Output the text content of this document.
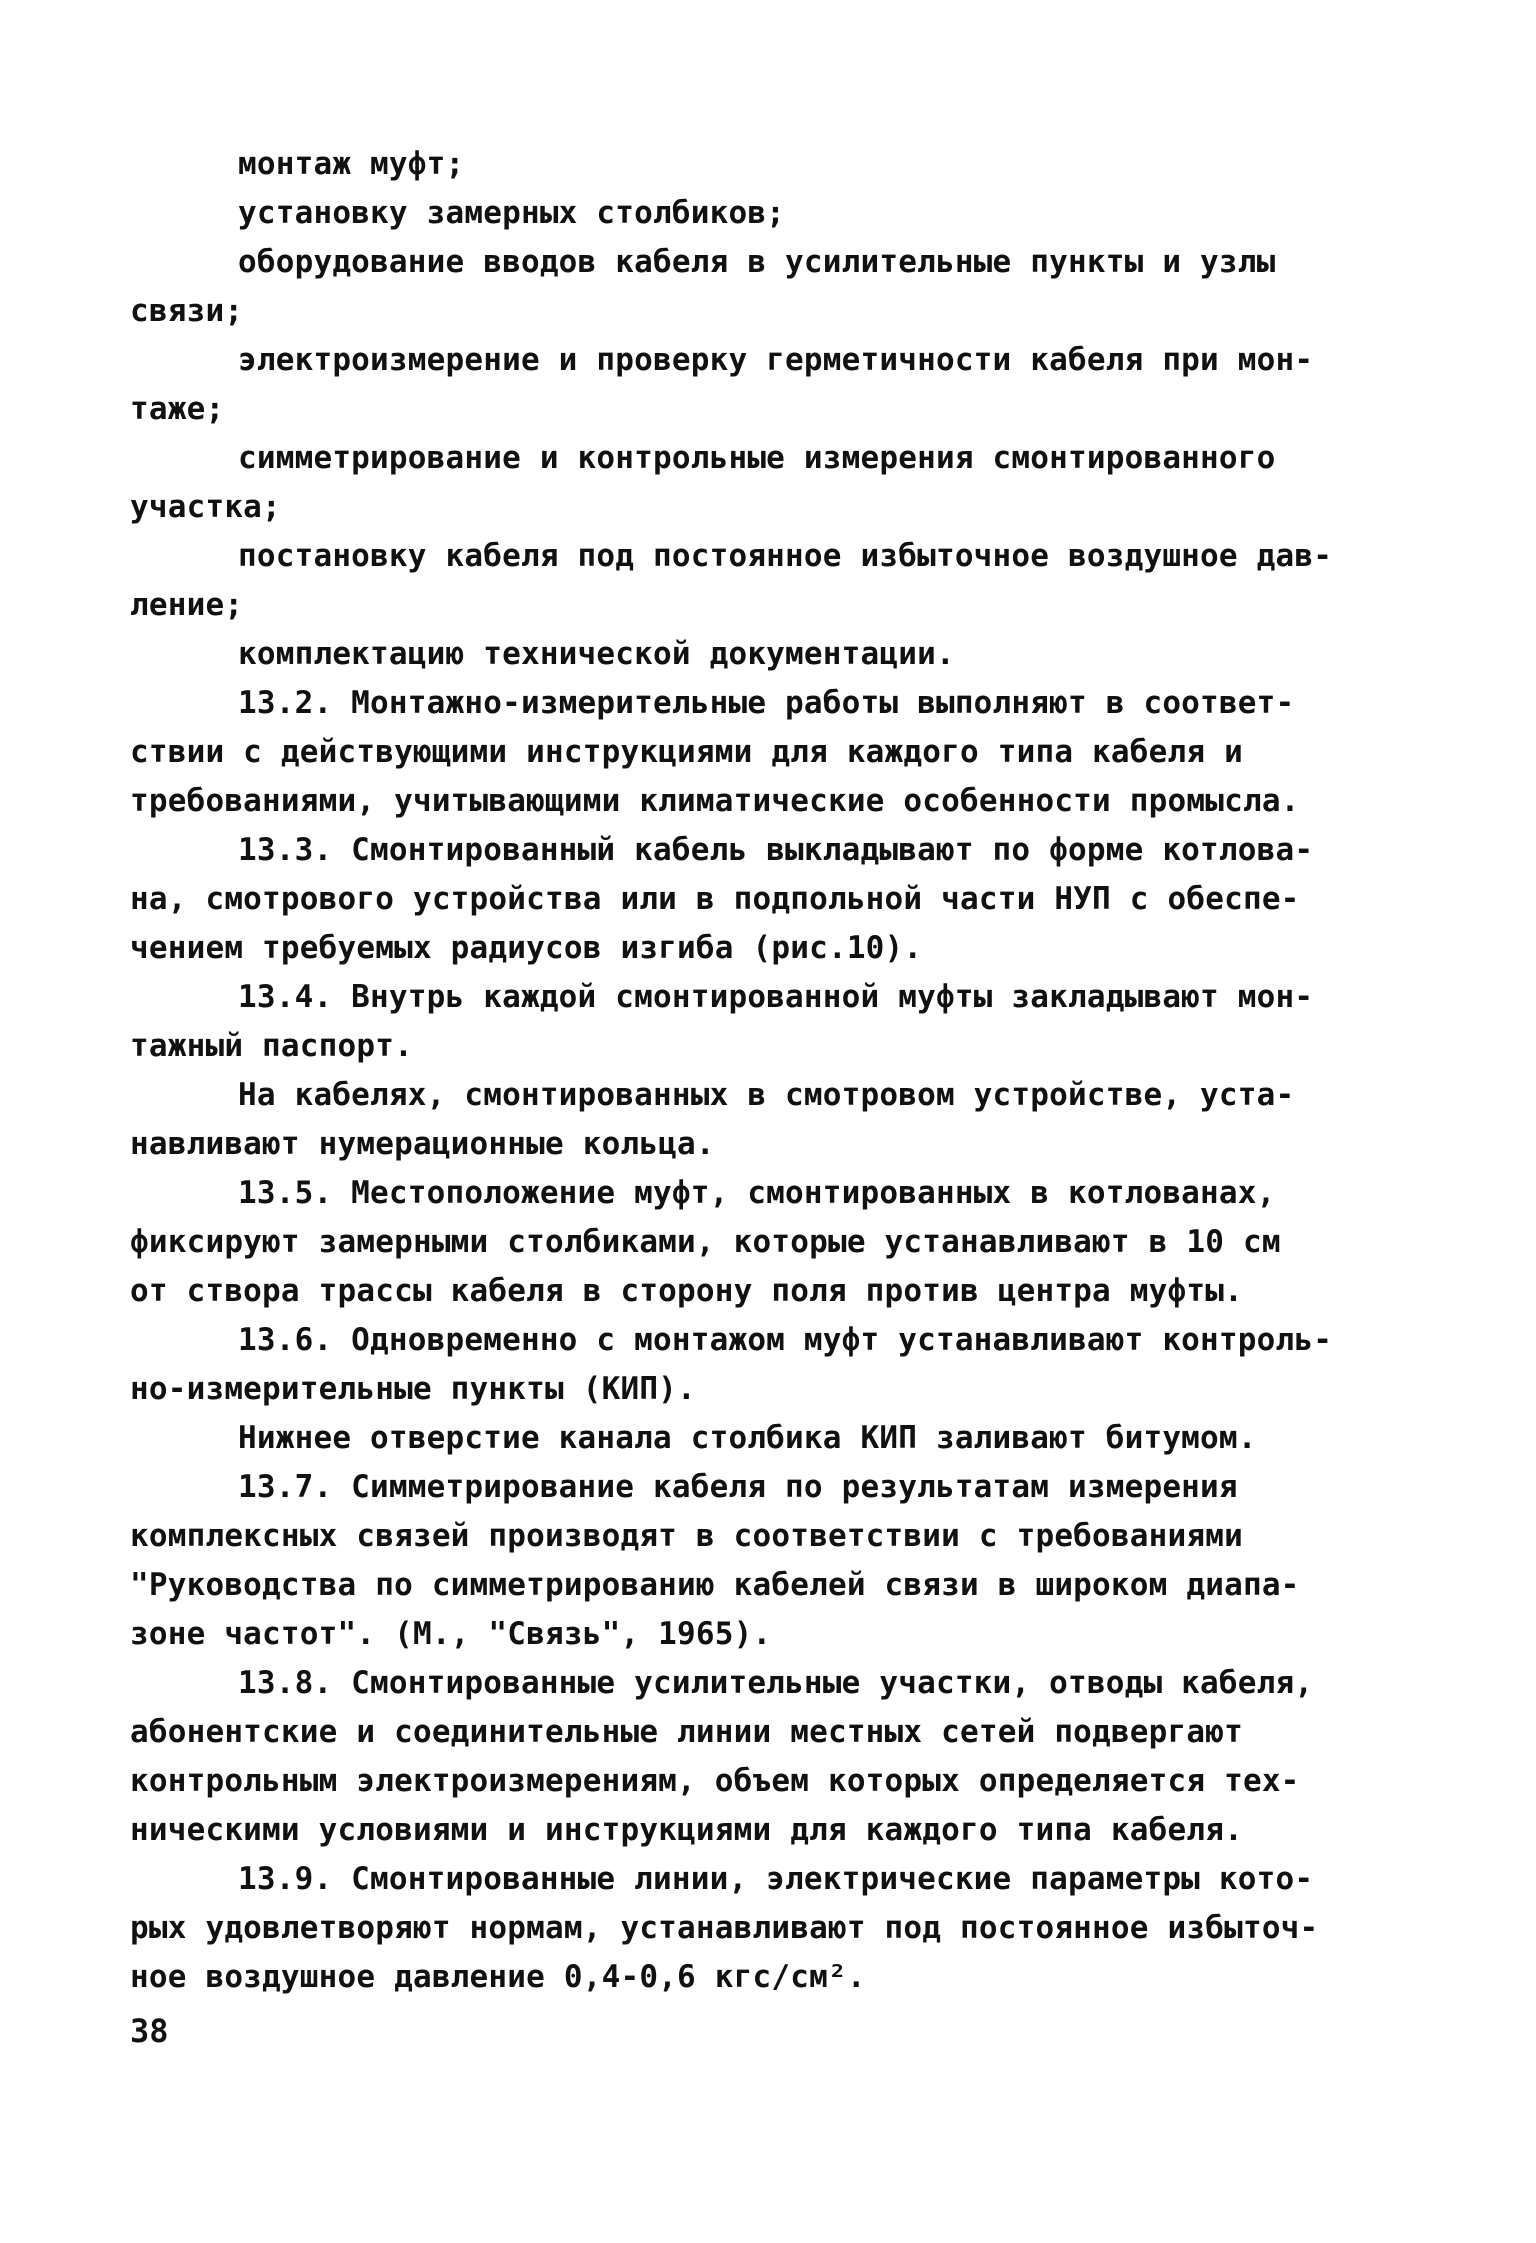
монтаж муфт;
установку замерных столбиков;
оборудование вводов кабеля в усилительные пункты и узлы
связи;
электроизмерение и проверку герметичности кабеля при мон-
таже;
симметрирование и контрольные измерения смонтированного
участка;
постановку кабеля под постоянное избыточное воздушное дав-
ление;
комплектацию технической документации.
13.2. Монтажно-измерительные работы выполняют в соответ-
ствии с действующими инструкциями для каждого типа кабеля и
требованиями, учитывающими климатические особенности промысла.
13.3. Смонтированный кабель выкладывают по форме котлова-
на, смотрового устройства или в подпольной части НУП с обеспе-
чением требуемых радиусов изгиба (рис.10).
13.4. Внутрь каждой смонтированной муфты закладывают мон-
тажный паспорт.
На кабелях, смонтированных в смотровом устройстве, уста-
навливают нумерационные кольца.
13.5. Местоположение муфт, смонтированных в котлованах,
фиксируют замерными столбиками, которые устанавливают в 10 см
от створа трассы кабеля в сторону поля против центра муфты.
13.6. Одновременно с монтажом муфт устанавливают контроль-
но-измерительные пункты (КИП).
Нижнее отверстие канала столбика КИП заливают битумом.
13.7. Симметрирование кабеля по результатам измерения
комплексных связей производят в соответствии с требованиями
"Руководства по симметрированию кабелей связи в широком диапа-
зоне частот". (М., "Связь", 1965).
13.8. Смонтированные усилительные участки, отводы кабеля,
абонентские и соединительные линии местных сетей подвергают
контрольным электроизмерениям, объем которых определяется тех-
ническими условиями и инструкциями для каждого типа кабеля.
13.9. Смонтированные линии, электрические параметры кото-
рых удовлетворяют нормам, устанавливают под постоянное избыточ-
ное воздушное давление 0,4-0,6 кгс/см².
38
